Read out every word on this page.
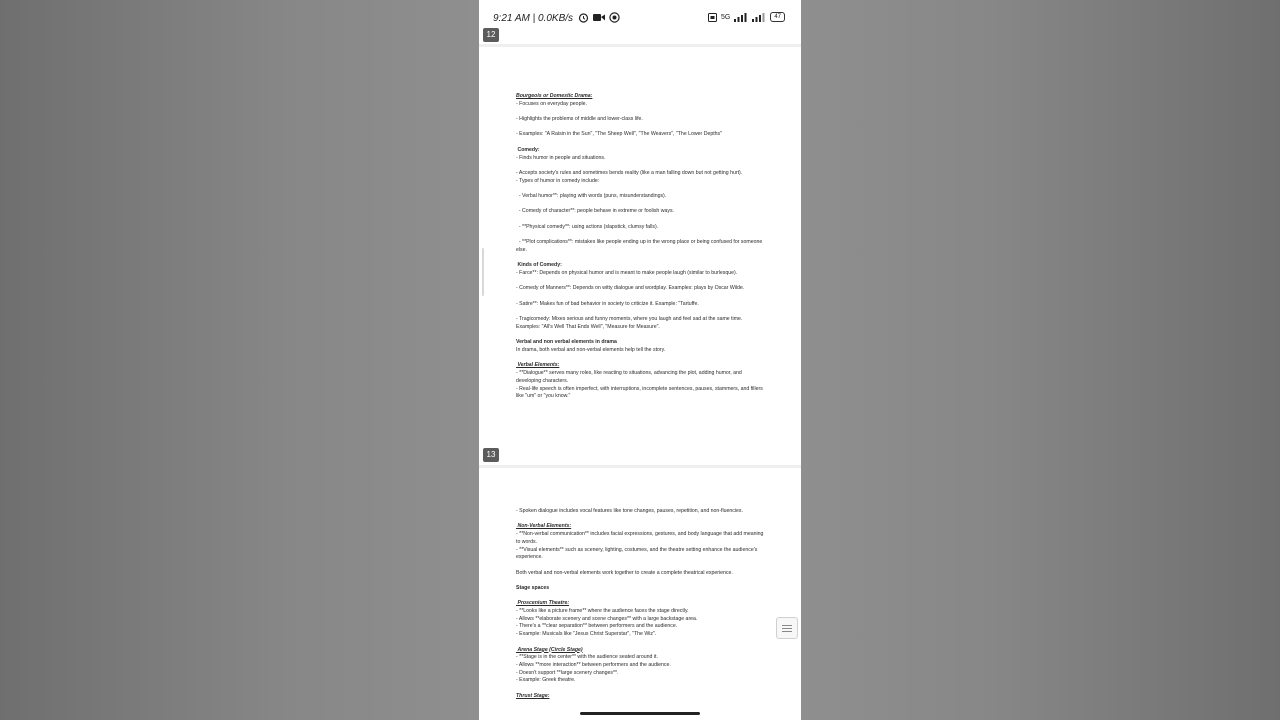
9:21 AM | 0.0KB/s	5G	47
12
Bourgeois or Domestic Drama:
- Focuses on everyday people.
- Highlights the problems of middle and lower-class life.
- Examples: "A Raisin in the Sun", "The Sheep Well", "The Weavers", "The Lower Depths"
Comedy:
- Finds humor in people and situations.
- Accepts society's rules and sometimes bends reality (like a man falling down but not getting hurt).
- Types of humor in comedy include:
- Verbal humor**: playing with words (puns, misunderstandings).
- Comedy of character**: people behave in extreme or foolish ways.
- **Physical comedy**: using actions (slapstick, clumsy falls).
- **Plot complications**: mistakes like people ending up in the wrong place or being confused for someone else.
Kinds of Comedy:
- Farce**: Depends on physical humor and is meant to make people laugh (similar to burlesque).
- Comedy of Manners**: Depends on witty dialogue and wordplay. Examples: plays by Oscar Wilde.
- Satire**: Makes fun of bad behavior in society to criticize it. Example: "Tartuffe.
- Tragicomedy: Mixes serious and funny moments, where you laugh and feel sad at the same time. Examples: "All's Well That Ends Well", "Measure for Measure".
Verbal and non verbal elements in drama
In drama, both verbal and non-verbal elements help tell the story.
Verbal Elements:
- **Dialogue** serves many roles, like reacting to situations, advancing the plot, adding humor, and developing characters.
- Real-life speech is often imperfect, with interruptions, incomplete sentences, pauses, stammers, and fillers like "um" or "you know."
13
- Spoken dialogue includes vocal features like tone changes, pauses, repetition, and non-fluencies.
Non-Verbal Elements:
- **Non-verbal communication** includes facial expressions, gestures, and body language that add meaning to words.
- **Visual elements** such as scenery, lighting, costumes, and the theatre setting enhance the audience's experience.
Both verbal and non-verbal elements work together to create a complete theatrical experience.
Stage spaces
Proscenium Theatre:
- **Looks like a picture frame** where the audience faces the stage directly.
- Allows **elaborate scenery and scene changes** with a large backstage area.
- There's a **clear separation** between performers and the audience.
- Example: Musicals like "Jesus Christ Superstar", "The Wiz".
Arena Stage (Circle Stage)
- **Stage is in the center** with the audience seated around it.
- Allows **more interaction** between performers and the audience.
- Doesn't support **large scenery changes**.
- Example: Greek theatre.
Thrust Stage:
